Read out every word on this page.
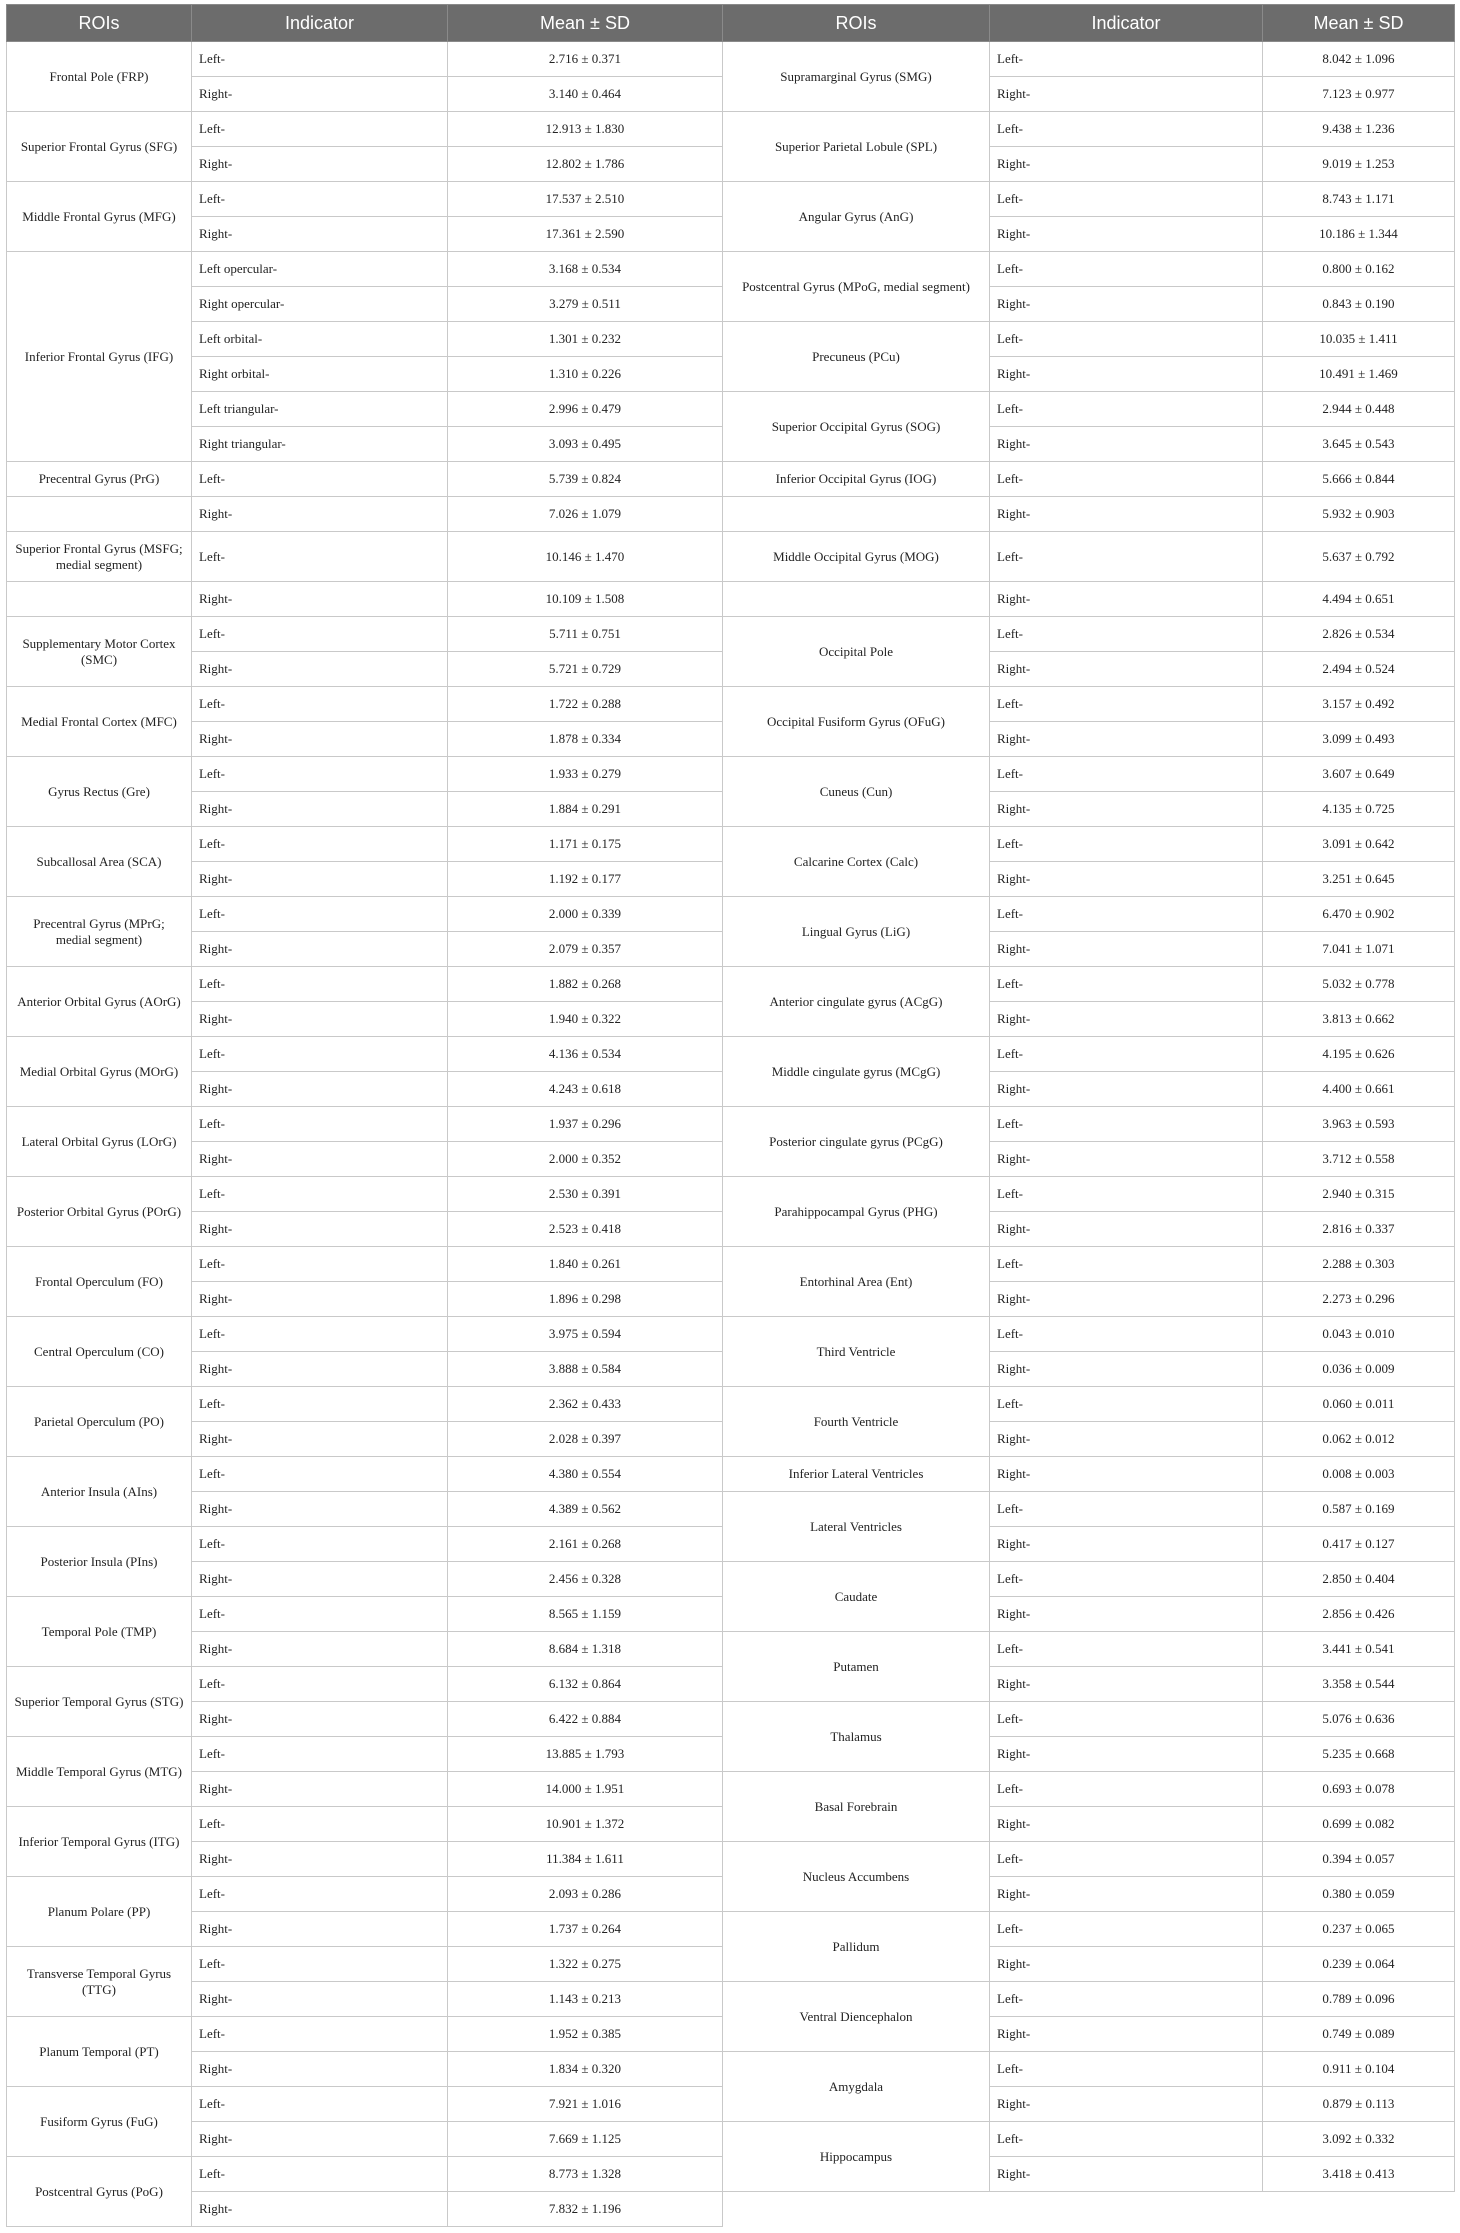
ROIs	Indicator	Mean ± SD	ROIs	Indicator	Mean ± SD
Frontal Pole (FRP)	Left-	2.716 ± 0.371	Supramarginal Gyrus (SMG)	Left-	8.042 ± 1.096
	Right-	3.140 ± 0.464		Right-	7.123 ± 0.977
Superior Frontal Gyrus (SFG)	Left-	12.913 ± 1.830	Superior Parietal Lobule (SPL)	Left-	9.438 ± 1.236
	Right-	12.802 ± 1.786		Right-	9.019 ± 1.253
Middle Frontal Gyrus (MFG)	Left-	17.537 ± 2.510	Angular Gyrus (AnG)	Left-	8.743 ± 1.171
	Right-	17.361 ± 2.590		Right-	10.186 ± 1.344
Inferior Frontal Gyrus (IFG)	Left opercular-	3.168 ± 0.534	Postcentral Gyrus (MPoG, medial segment)	Left-	0.800 ± 0.162
	Right opercular-	3.279 ± 0.511		Right-	0.843 ± 0.190
	Left orbital-	1.301 ± 0.232	Precuneus (PCu)	Left-	10.035 ± 1.411
	Right orbital-	1.310 ± 0.226		Right-	10.491 ± 1.469
	Left triangular-	2.996 ± 0.479	Superior Occipital Gyrus (SOG)	Left-	2.944 ± 0.448
	Right triangular-	3.093 ± 0.495		Right-	3.645 ± 0.543
Precentral Gyrus (PrG)	Left-	5.739 ± 0.824	Inferior Occipital Gyrus (IOG)	Left-	5.666 ± 0.844
	Right-	7.026 ± 1.079		Right-	5.932 ± 0.903
Superior Frontal Gyrus (MSFG; medial segment)	Left-	10.146 ± 1.470	Middle Occipital Gyrus (MOG)	Left-	5.637 ± 0.792
	Right-	10.109 ± 1.508		Right-	4.494 ± 0.651
Supplementary Motor Cortex (SMC)	Left-	5.711 ± 0.751	Occipital Pole	Left-	2.826 ± 0.534
	Right-	5.721 ± 0.729		Right-	2.494 ± 0.524
Medial Frontal Cortex (MFC)	Left-	1.722 ± 0.288	Occipital Fusiform Gyrus (OFuG)	Left-	3.157 ± 0.492
	Right-	1.878 ± 0.334		Right-	3.099 ± 0.493
Gyrus Rectus (Gre)	Left-	1.933 ± 0.279	Cuneus (Cun)	Left-	3.607 ± 0.649
	Right-	1.884 ± 0.291		Right-	4.135 ± 0.725
Subcallosal Area (SCA)	Left-	1.171 ± 0.175	Calcarine Cortex (Calc)	Left-	3.091 ± 0.642
	Right-	1.192 ± 0.177		Right-	3.251 ± 0.645
Precentral Gyrus (MPrG; medial segment)	Left-	2.000 ± 0.339	Lingual Gyrus (LiG)	Left-	6.470 ± 0.902
	Right-	2.079 ± 0.357		Right-	7.041 ± 1.071
Anterior Orbital Gyrus (AOrG)	Left-	1.882 ± 0.268	Anterior cingulate gyrus (ACgG)	Left-	5.032 ± 0.778
	Right-	1.940 ± 0.322		Right-	3.813 ± 0.662
Medial Orbital Gyrus (MOrG)	Left-	4.136 ± 0.534	Middle cingulate gyrus (MCgG)	Left-	4.195 ± 0.626
	Right-	4.243 ± 0.618		Right-	4.400 ± 0.661
Lateral Orbital Gyrus (LOrG)	Left-	1.937 ± 0.296	Posterior cingulate gyrus (PCgG)	Left-	3.963 ± 0.593
	Right-	2.000 ± 0.352		Right-	3.712 ± 0.558
Posterior Orbital Gyrus (POrG)	Left-	2.530 ± 0.391	Parahippocampal Gyrus (PHG)	Left-	2.940 ± 0.315
	Right-	2.523 ± 0.418		Right-	2.816 ± 0.337
Frontal Operculum (FO)	Left-	1.840 ± 0.261	Entorhinal Area (Ent)	Left-	2.288 ± 0.303
	Right-	1.896 ± 0.298		Right-	2.273 ± 0.296
Central Operculum (CO)	Left-	3.975 ± 0.594	Third Ventricle	Left-	0.043 ± 0.010
	Right-	3.888 ± 0.584		Right-	0.036 ± 0.009
Parietal Operculum (PO)	Left-	2.362 ± 0.433	Fourth Ventricle	Left-	0.060 ± 0.011
	Right-	2.028 ± 0.397		Right-	0.062 ± 0.012
Anterior Insula (AIns)	Left-	4.380 ± 0.554	Inferior Lateral Ventricles	Right-	0.008 ± 0.003
	Right-	4.389 ± 0.562	Lateral Ventricles	Left-	0.587 ± 0.169
Posterior Insula (PIns)	Left-	2.161 ± 0.268		Right-	0.417 ± 0.127
	Right-	2.456 ± 0.328	Caudate	Left-	2.850 ± 0.404
Temporal Pole (TMP)	Left-	8.565 ± 1.159		Right-	2.856 ± 0.426
	Right-	8.684 ± 1.318	Putamen	Left-	3.441 ± 0.541
Superior Temporal Gyrus (STG)	Left-	6.132 ± 0.864		Right-	3.358 ± 0.544
	Right-	6.422 ± 0.884	Thalamus	Left-	5.076 ± 0.636
Middle Temporal Gyrus (MTG)	Left-	13.885 ± 1.793		Right-	5.235 ± 0.668
	Right-	14.000 ± 1.951	Basal Forebrain	Left-	0.693 ± 0.078
Inferior Temporal Gyrus (ITG)	Left-	10.901 ± 1.372		Right-	0.699 ± 0.082
	Right-	11.384 ± 1.611	Nucleus Accumbens	Left-	0.394 ± 0.057
Planum Polare (PP)	Left-	2.093 ± 0.286		Right-	0.380 ± 0.059
	Right-	1.737 ± 0.264	Pallidum	Left-	0.237 ± 0.065
Transverse Temporal Gyrus (TTG)	Left-	1.322 ± 0.275		Right-	0.239 ± 0.064
	Right-	1.143 ± 0.213	Ventral Diencephalon	Left-	0.789 ± 0.096
Planum Temporal (PT)	Left-	1.952 ± 0.385		Right-	0.749 ± 0.089
	Right-	1.834 ± 0.320	Amygdala	Left-	0.911 ± 0.104
Fusiform Gyrus (FuG)	Left-	7.921 ± 1.016		Right-	0.879 ± 0.113
	Right-	7.669 ± 1.125	Hippocampus	Left-	3.092 ± 0.332
Postcentral Gyrus (PoG)	Left-	8.773 ± 1.328		Right-	3.418 ± 0.413
	Right-	7.832 ± 1.196			
